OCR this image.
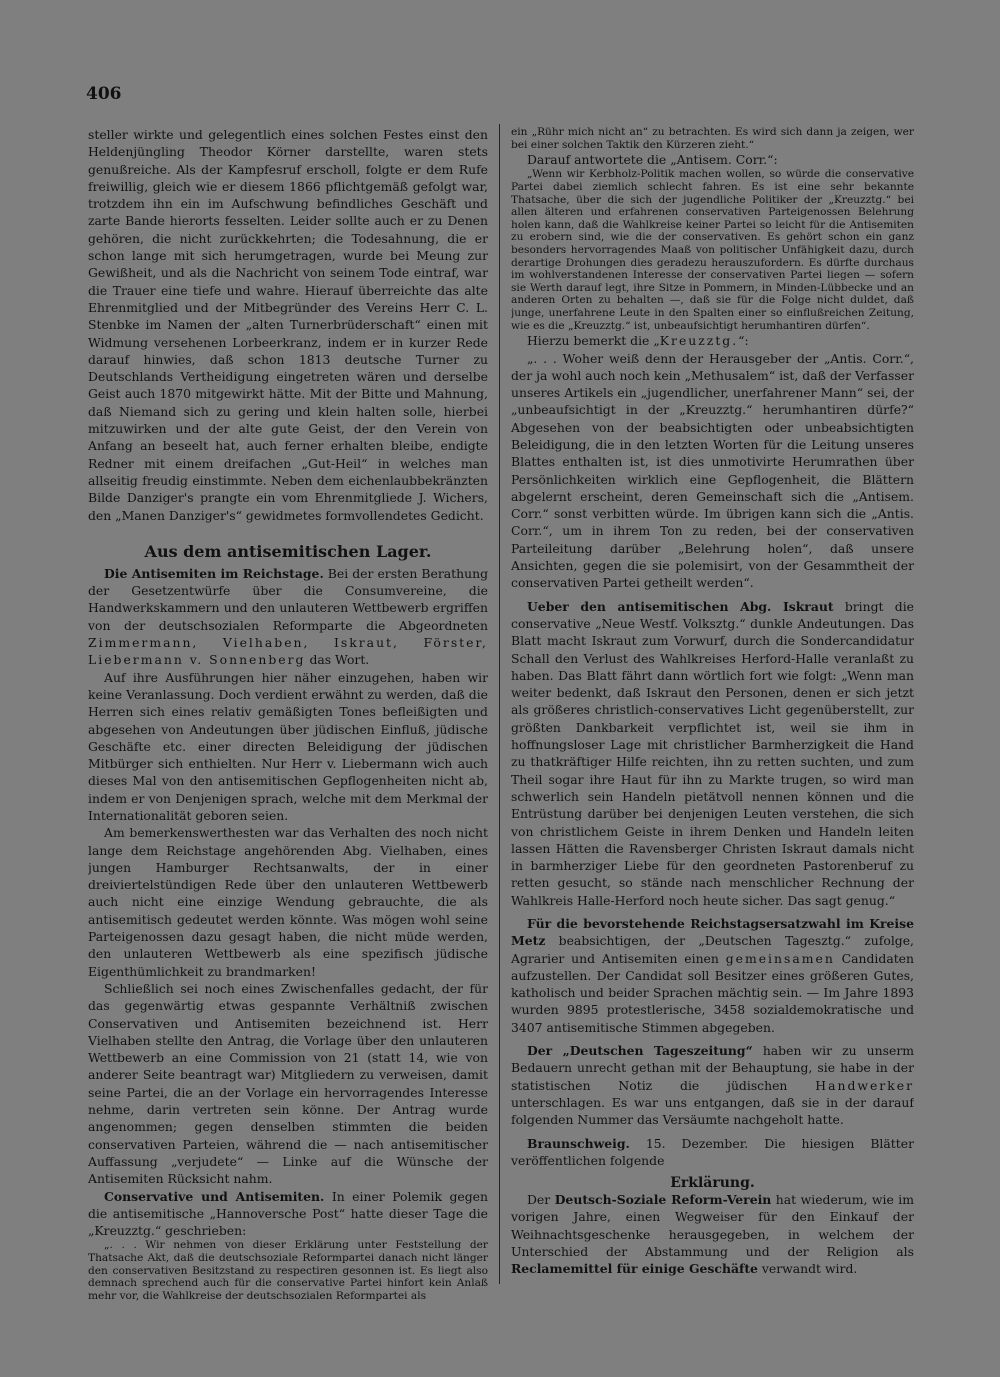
406

steller wirkte und gelegentlich eines solchen Festes einst den Heldenjüngling Theodor Körner darstellte, waren stets genußreiche. Als der Kampfesruf erscholl, folgte er dem Rufe freiwillig, gleich wie er diesem 1866 pflichtgemäß gefolgt war, trotzdem ihn ein im Aufschwung befindliches Geschäft und zarte Bande hierorts fesselten. Leider sollte auch er zu Denen gehören, die nicht zurückkehrten; die Todesahnung, die er schon lange mit sich herumgetragen, wurde bei Meung zur Gewißheit, und als die Nachricht von seinem Tode eintraf, war die Trauer eine tiefe und wahre. Hierauf überreichte das alte Ehrenmitglied und der Mitbegründer des Vereins Herr C. L. Stenbke im Namen der „alten Turnerbrüderschaft“ einen mit Widmung versehenen Lorbeerkranz, indem er in kurzer Rede darauf hinwies, daß schon 1813 deutsche Turner zu Deutschlands Vertheidigung eingetreten wären und derselbe Geist auch 1870 mitgewirkt hätte. Mit der Bitte und Mahnung, daß Niemand sich zu gering und klein halten solle, hierbei mitzuwirken und der alte gute Geist, der den Verein von Anfang an beseelt hat, auch ferner erhalten bleibe, endigte Redner mit einem dreifachen „Gut-Heil“ in welches man allseitig freudig einstimmte. Neben dem eichenlaubbekränzten Bilde Danziger's prangte ein vom Ehrenmitgliede J. Wichers, den „Manen Danziger's“ gewidmetes formvollendetes Gedicht.

Aus dem antisemitischen Lager.

Die Antisemiten im Reichstage. Bei der ersten Berathung der Gesetzentwürfe über die Consumvereine, die Handwerkskammern und den unlauteren Wettbewerb ergriffen von der deutschsozialen Reformparte die Abgeordneten Zimmermann, Vielhaben, Iskraut, Förster, Liebermann v. Sonnenberg das Wort.

Auf ihre Ausführungen hier näher einzugehen, haben wir keine Veranlassung. Doch verdient erwähnt zu werden, daß die Herren sich eines relativ gemäßigten Tones befleißigten und abgesehen von Andeutungen über jüdischen Einfluß, jüdische Geschäfte etc. einer directen Beleidigung der jüdischen Mitbürger sich enthielten. Nur Herr v. Liebermann wich auch dieses Mal von den antisemitischen Gepflogenheiten nicht ab, indem er von Denjenigen sprach, welche mit dem Merkmal der Internationalität geboren seien.

Am bemerkenswerthesten war das Verhalten des noch nicht lange dem Reichstage angehörenden Abg. Vielhaben, eines jungen Hamburger Rechtsanwalts, der in einer dreiviertelstündigen Rede über den unlauteren Wettbewerb auch nicht eine einzige Wendung gebrauchte, die als antisemitisch gedeutet werden könnte. Was mögen wohl seine Parteigenossen dazu gesagt haben, die nicht müde werden, den unlauteren Wettbewerb als eine spezifisch jüdische Eigenthümlichkeit zu brandmarken!

Schließlich sei noch eines Zwischenfalles gedacht, der für das gegenwärtig etwas gespannte Verhältniß zwischen Conservativen und Antisemiten bezeichnend ist. Herr Vielhaben stellte den Antrag, die Vorlage über den unlauteren Wettbewerb an eine Commission von 21 (statt 14, wie von anderer Seite beantragt war) Mitgliedern zu verweisen, damit seine Partei, die an der Vorlage ein hervorragendes Interesse nehme, darin vertreten sein könne. Der Antrag wurde angenommen; gegen denselben stimmten die beiden conservativen Parteien, während die — nach antisemitischer Auffassung „verjudete“ — Linke auf die Wünsche der Antisemiten Rücksicht nahm.

Conservative und Antisemiten. In einer Polemik gegen die antisemitische „Hannoversche Post“ hatte dieser Tage die „Kreuzztg.“ geschrieben:

„. . . Wir nehmen von dieser Erklärung unter Feststellung der Thatsache Akt, daß die deutschsoziale Reformpartei danach nicht länger den conservativen Besitzstand zu respectiren gesonnen ist. Es liegt also demnach sprechend auch für die conservative Partei hinfort kein Anlaß mehr vor, die Wahlkreise der deutschsozialen Reformpartei als

ein „Rühr mich nicht an“ zu betrachten. Es wird sich dann ja zeigen, wer bei einer solchen Taktik den Kürzeren zieht.“

Darauf antwortete die „Antisem. Corr.“:

„Wenn wir Kerbholz-Politik machen wollen, so würde die conservative Partei dabei ziemlich schlecht fahren. Es ist eine sehr bekannte Thatsache, über die sich der jugendliche Politiker der „Kreuzztg.“ bei allen älteren und erfahrenen conservativen Parteigenossen Belehrung holen kann, daß die Wahlkreise keiner Partei so leicht für die Antisemiten zu erobern sind, wie die der conservativen. Es gehört schon ein ganz besonders hervorragendes Maaß von politischer Unfähigkeit dazu, durch derartige Drohungen dies geradezu herauszufordern. Es dürfte durchaus im wohlverstandenen Interesse der conservativen Partei liegen — sofern sie Werth darauf legt, ihre Sitze in Pommern, in Minden-Lübbecke und an anderen Orten zu behalten —, daß sie für die Folge nicht duldet, daß junge, unerfahrene Leute in den Spalten einer so einflußreichen Zeitung, wie es die „Kreuzztg.“ ist, unbeaufsichtigt herumhantiren dürfen“.

Hierzu bemerkt die „Kreuzztg.“:

„. . . Woher weiß denn der Herausgeber der „Antis. Corr.“, der ja wohl auch noch kein „Methusalem“ ist, daß der Verfasser unseres Artikels ein „jugendlicher, unerfahrener Mann“ sei, der „unbeaufsichtigt in der „Kreuzztg.“ herumhantiren dürfe?“ Abgesehen von der beabsichtigten oder unbeabsichtigten Beleidigung, die in den letzten Worten für die Leitung unseres Blattes enthalten ist, ist dies unmotivirte Herumrathen über Persönlichkeiten wirklich eine Gepflogenheit, die Blättern abgelernt erscheint, deren Gemeinschaft sich die „Antisem. Corr.“ sonst verbitten würde. Im übrigen kann sich die „Antis. Corr.“, um in ihrem Ton zu reden, bei der conservativen Parteileitung darüber „Belehrung holen“, daß unsere Ansichten, gegen die sie polemisirt, von der Gesammtheit der conservativen Partei getheilt werden“.

Ueber den antisemitischen Abg. Iskraut bringt die conservative „Neue Westf. Volksztg.“ dunkle Andeutungen. Das Blatt macht Iskraut zum Vorwurf, durch die Sondercandidatur Schall den Verlust des Wahlkreises Herford-Halle veranlaßt zu haben. Das Blatt fährt dann wörtlich fort wie folgt: „Wenn man weiter bedenkt, daß Iskraut den Personen, denen er sich jetzt als größeres christlich-conservatives Licht gegenüberstellt, zur größten Dankbarkeit verpflichtet ist, weil sie ihm in hoffnungsloser Lage mit christlicher Barmherzigkeit die Hand zu thatkräftiger Hilfe reichten, ihn zu retten suchten, und zum Theil sogar ihre Haut für ihn zu Markte trugen, so wird man schwerlich sein Handeln pietätvoll nennen können und die Entrüstung darüber bei denjenigen Leuten verstehen, die sich von christlichem Geiste in ihrem Denken und Handeln leiten lassen Hätten die Ravensberger Christen Iskraut damals nicht in barmherziger Liebe für den geordneten Pastorenberuf zu retten gesucht, so stände nach menschlicher Rechnung der Wahlkreis Halle-Herford noch heute sicher. Das sagt genug.“

Für die bevorstehende Reichstagsersatzwahl im Kreise Metz beabsichtigen, der „Deutschen Tagesztg.“ zufolge, Agrarier und Antisemiten einen gemeinsamen Candidaten aufzustellen. Der Candidat soll Besitzer eines größeren Gutes, katholisch und beider Sprachen mächtig sein. — Im Jahre 1893 wurden 9895 protestlerische, 3458 sozialdemokratische und 3407 antisemitische Stimmen abgegeben.

Der „Deutschen Tageszeitung“ haben wir zu unserm Bedauern unrecht gethan mit der Behauptung, sie habe in der statistischen Notiz die jüdischen Handwerker unterschlagen. Es war uns entgangen, daß sie in der darauf folgenden Nummer das Versäumte nachgeholt hatte.

Braunschweig. 15. Dezember. Die hiesigen Blätter veröffentlichen folgende

Erklärung.

Der Deutsch-Soziale Reform-Verein hat wiederum, wie im vorigen Jahre, einen Wegweiser für den Einkauf der Weihnachtsgeschenke herausgegeben, in welchem der Unterschied der Abstammung und der Religion als Reclamemittel für einige Geschäfte verwandt wird.
